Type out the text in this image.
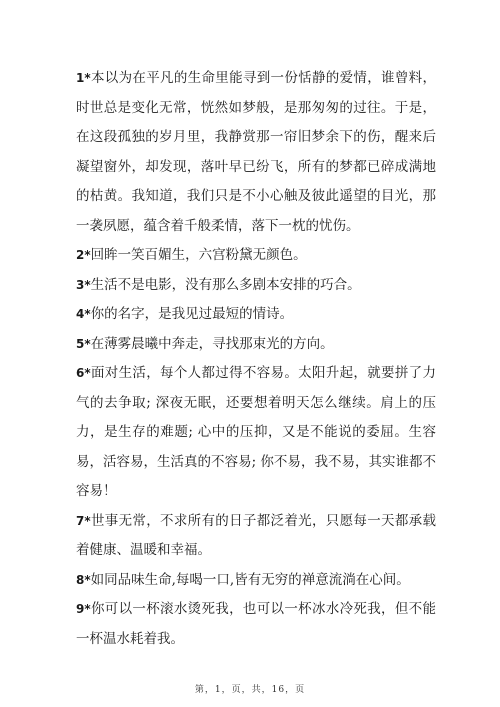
1*本以为在平凡的生命里能寻到一份恬静的爱情，谁曾料，时世总是变化无常，恍然如梦般，是那匆匆的过往。于是，在这段孤独的岁月里，我静赏那一帘旧梦余下的伤，醒来后凝望窗外，却发现，落叶早已纷飞，所有的梦都已碎成满地的枯黄。我知道，我们只是不小心触及彼此遥望的目光，那一袭夙愿，蕴含着千般柔情，落下一枕的忧伤。

2*回眸一笑百媚生，六宫粉黛无颜色。

3*生活不是电影，没有那么多剧本安排的巧合。

4*你的名字，是我见过最短的情诗。

5*在薄雾晨曦中奔走，寻找那束光的方向。

6*面对生活，每个人都过得不容易。太阳升起，就要拼了力气的去争取; 深夜无眠，还要想着明天怎么继续。肩上的压力，是生存的难题; 心中的压抑，又是不能说的委屈。生容易，活容易，生活真的不容易; 你不易，我不易，其实谁都不容易！

7*世事无常，不求所有的日子都泛着光，只愿每一天都承载着健康、温暖和幸福。

8*如同品味生命,每喝一口,皆有无穷的禅意流淌在心间。

9*你可以一杯滚水烫死我，也可以一杯冰水冷死我，但不能一杯温水耗着我。

第，1，页，共，16，页
